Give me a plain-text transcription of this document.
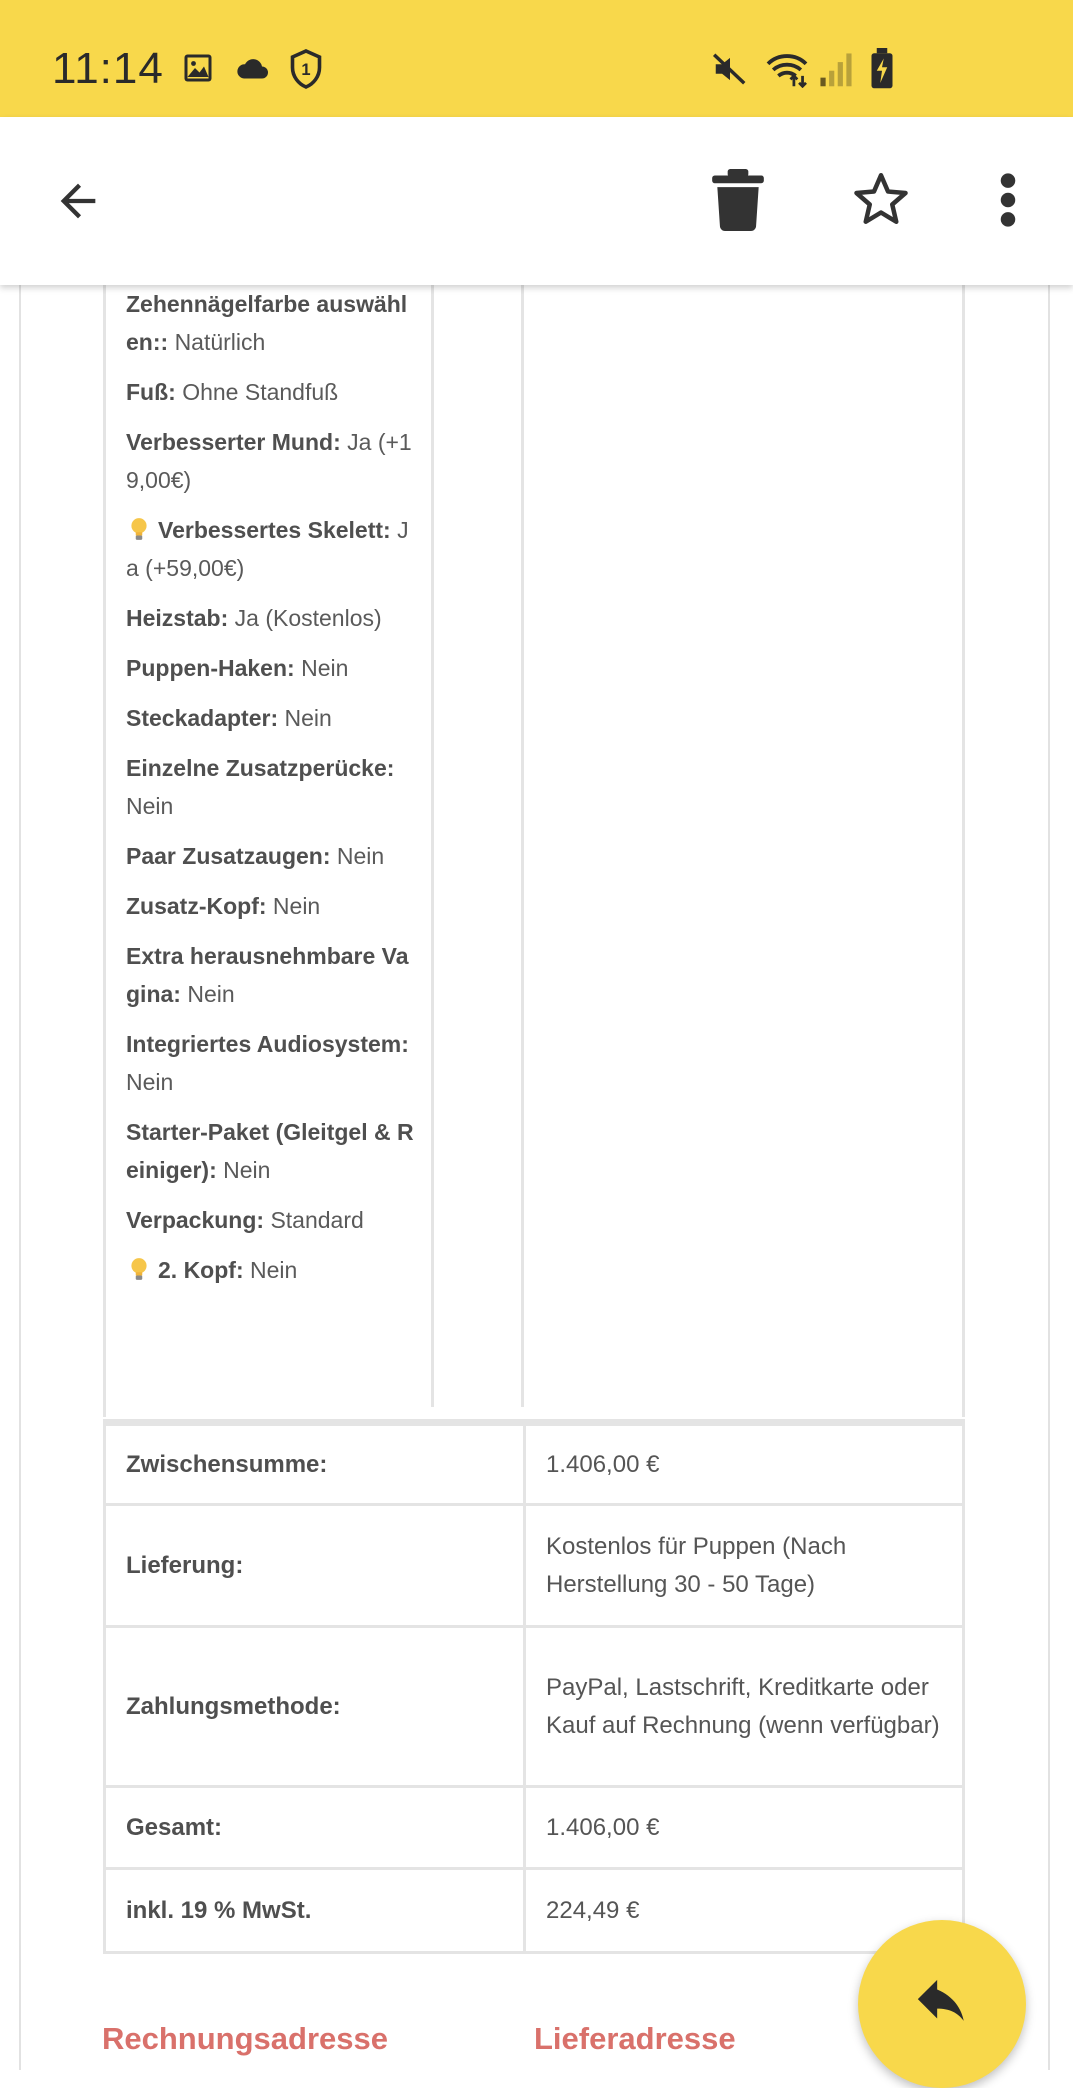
11:14	1
Zehennägelfarbe auswählen:: Natürlich
Fuß: Ohne Standfuß
Verbesserter Mund: Ja (+19,00€)
Verbessertes Skelett: Ja (+59,00€)
Heizstab: Ja (Kostenlos)
Puppen-Haken: Nein
Steckadapter: Nein
Einzelne Zusatzperücke: Nein
Paar Zusatzaugen: Nein
Zusatz-Kopf: Nein
Extra herausnehmbare Vagina: Nein
Integriertes Audiosystem: Nein
Starter-Paket (Gleitgel & Reiniger): Nein
Verpackung: Standard
2. Kopf: Nein
Zwischensumme:	1.406,00 €
Lieferung:	Kostenlos für Puppen (Nach Herstellung 30 - 50 Tage)
Zahlungsmethode:	PayPal, Lastschrift, Kreditkarte oder Kauf auf Rechnung (wenn verfügbar)
Gesamt:	1.406,00 €
inkl. 19 % MwSt.	224,49 €
Rechnungsadresse	Lieferadresse
